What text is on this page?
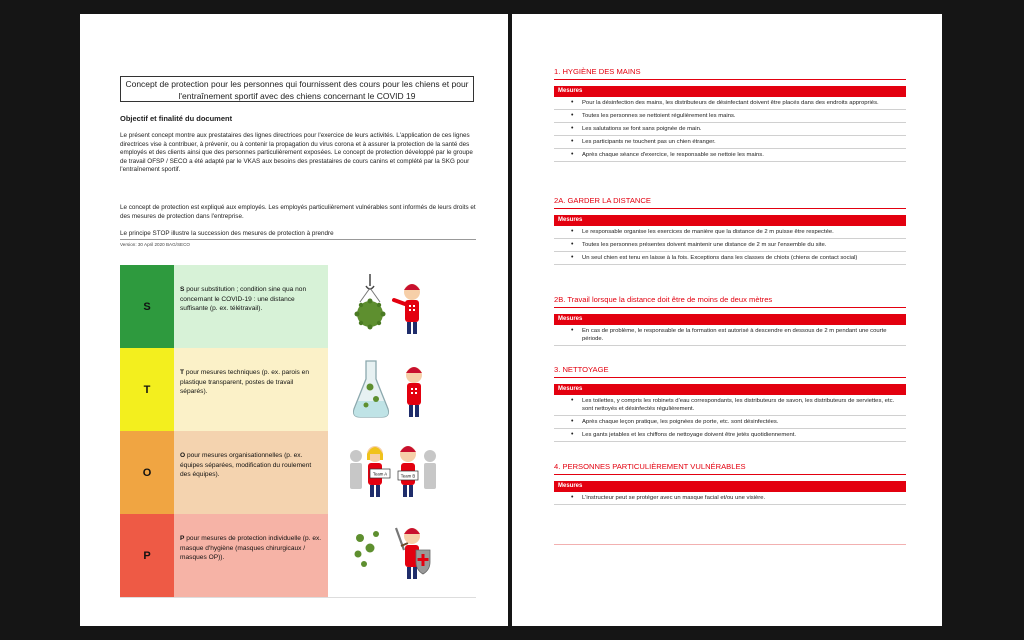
Concept de protection pour les personnes qui fournissent des cours pour les chiens et pour l'entraînement sportif avec des chiens concernant le COVID 19
Objectif et finalité du document
Le présent concept montre aux prestataires des lignes directrices pour l'exercice de leurs activités. L'application de ces lignes directrices vise à contribuer, à prévenir, ou à contenir la propagation du virus corona et à assurer la protection de la santé des employés et des clients ainsi que des personnes particulièrement exposées. Le concept de protection développé par le groupe de travail OFSP / SECO a été adapté par le VKAS aux besoins des prestataires de cours canins et complété par la SKG pour l'entraînement sportif.
Le concept de protection est expliqué aux employés. Les employés particulièrement vulnérables sont informés de leurs droits et des mesures de protection dans l'entreprise.
Le principe STOP illustre la succession des mesures de protection à prendre
Version: 30 April 2020 BAG/SECO
S
S pour substitution ; condition sine qua non concernant le COVID-19 : une distance suffisante (p. ex. télétravail).
T
T pour mesures techniques (p. ex. parois en plastique transparent, postes de travail séparés).
O
O pour mesures organisationnelles (p. ex. équipes séparées, modification du roulement des équipes).
P
P pour mesures de protection individuelle (p. ex. masque d'hygiène (masques chirurgicaux / masques OP)).
Team A	Team B
1. HYGIÈNE DES MAINS
Mesures
• Pour la désinfection des mains, les distributeurs de désinfectant doivent être placés dans des endroits appropriés.
• Toutes les personnes se nettoient régulièrement les mains.
• Les salutations se font sans poignée de main.
• Les participants ne touchent pas un chien étranger.
• Après chaque séance d'exercice, le responsable se nettoie les mains.
2A. GARDER LA DISTANCE
Mesures
• Le responsable organise les exercices de manière que la distance de 2 m puisse être respectée.
• Toutes les personnes présentes doivent maintenir une distance de 2 m sur l'ensemble du site.
• Un seul chien est tenu en laisse à la fois. Exceptions dans les classes de chiots (chiens de contact social)
2B. Travail lorsque la distance doit être de moins de deux mètres
Mesures
• En cas de problème, le responsable de la formation est autorisé à descendre en dessous de 2 m pendant une courte période.
3. NETTOYAGE
Mesures
• Les toilettes, y compris les robinets d'eau correspondants, les distributeurs de savon, les distributeurs de serviettes, etc. sont nettoyés et désinfectés régulièrement.
• Après chaque leçon pratique, les poignées de porte, etc. sont désinfectées.
• Les gants jetables et les chiffons de nettoyage doivent être jetés quotidiennement.
4. PERSONNES PARTICULIÈREMENT VULNÉRABLES
Mesures
• L'instructeur peut se protéger avec un masque facial et/ou une visière.
